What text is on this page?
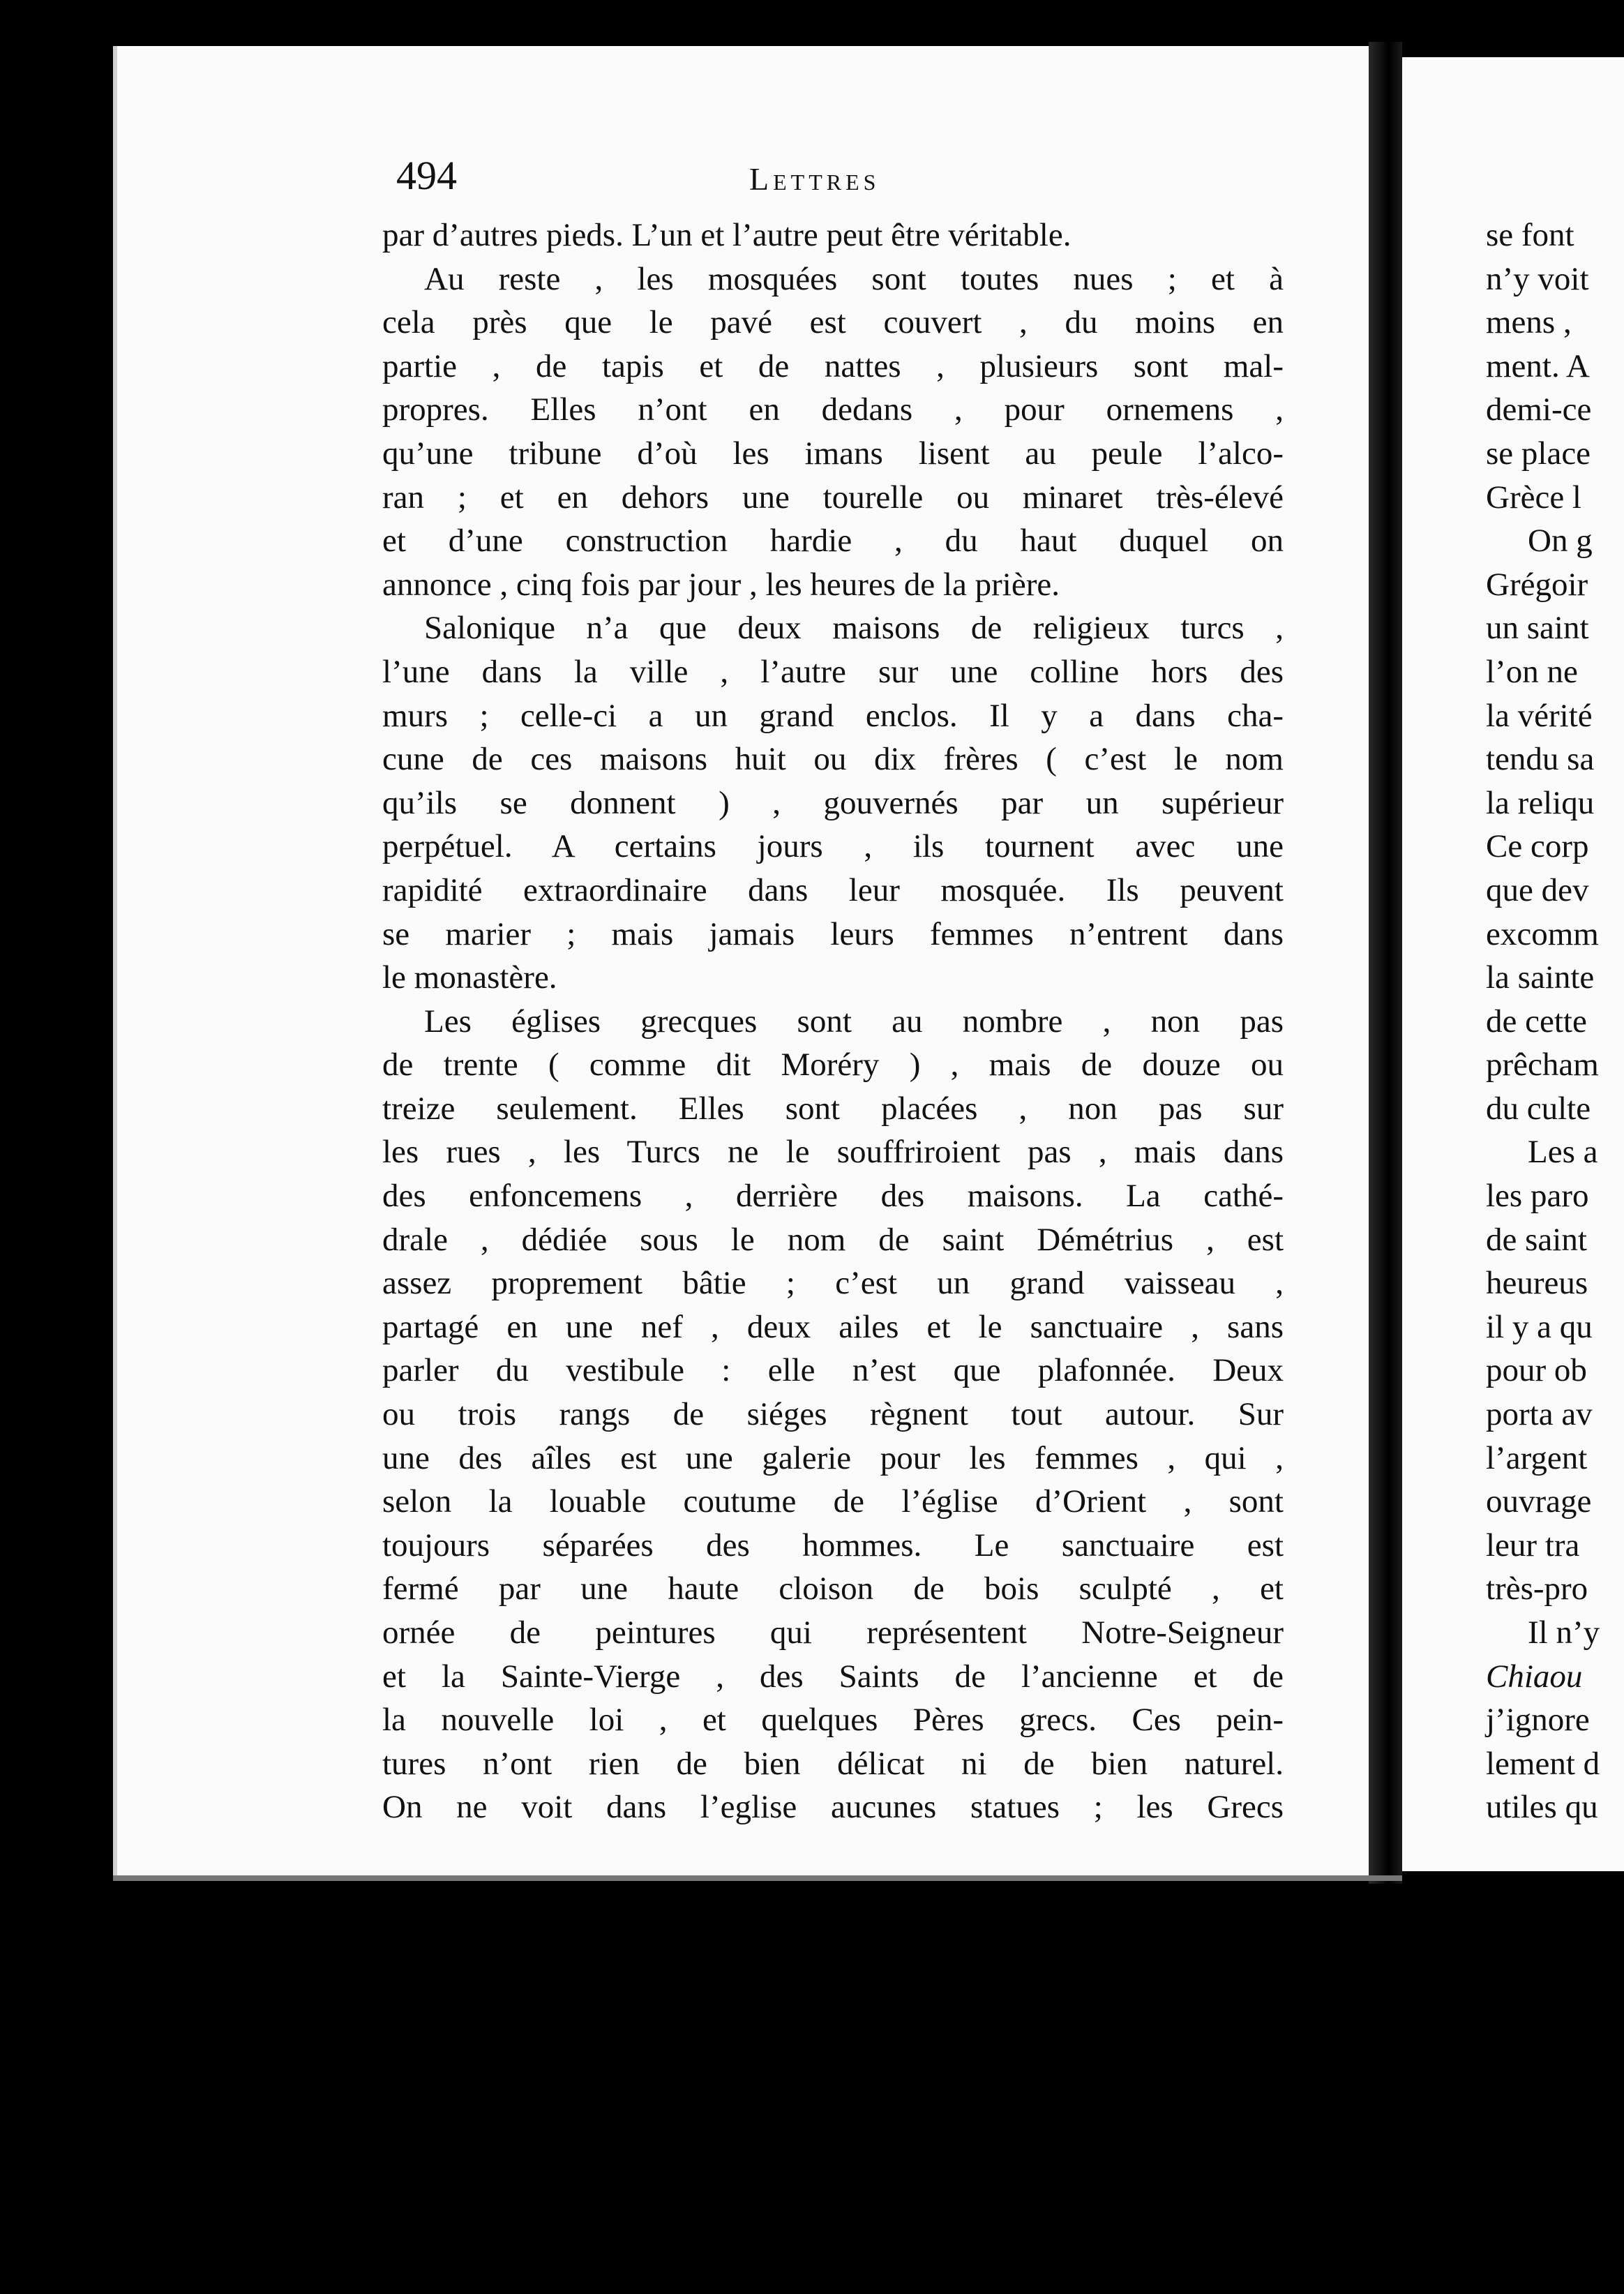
494	Lettres
par d’autres pieds. L’un et l’autre peut être véritable.
Au reste , les mosquées sont toutes nues ; et à
cela près que le pavé est couvert , du moins en
partie , de tapis et de nattes , plusieurs sont mal-
propres. Elles n’ont en dedans , pour ornemens ,
qu’une tribune d’où les imans lisent au peule l’alco-
ran ; et en dehors une tourelle ou minaret très-élevé
et d’une construction hardie , du haut duquel on
annonce , cinq fois par jour , les heures de la prière.
Salonique n’a que deux maisons de religieux turcs ,
l’une dans la ville , l’autre sur une colline hors des
murs ; celle-ci a un grand enclos. Il y a dans cha-
cune de ces maisons huit ou dix frères ( c’est le nom
qu’ils se donnent ) , gouvernés par un supérieur
perpétuel. A certains jours , ils tournent avec une
rapidité extraordinaire dans leur mosquée. Ils peuvent
se marier ; mais jamais leurs femmes n’entrent dans
le monastère.
Les églises grecques sont au nombre , non pas
de trente ( comme dit Moréry ) , mais de douze ou
treize seulement. Elles sont placées , non pas sur
les rues , les Turcs ne le souffriroient pas , mais dans
des enfoncemens , derrière des maisons. La cathé-
drale , dédiée sous le nom de saint Démétrius , est
assez proprement bâtie ; c’est un grand vaisseau ,
partagé en une nef , deux ailes et le sanctuaire , sans
parler du vestibule : elle n’est que plafonnée. Deux
ou trois rangs de siéges règnent tout autour. Sur
une des aîles est une galerie pour les femmes , qui ,
selon la louable coutume de l’église d’Orient , sont
toujours séparées des hommes. Le sanctuaire est
fermé par une haute cloison de bois sculpté , et
ornée de peintures qui représentent Notre-Seigneur
et la Sainte-Vierge , des Saints de l’ancienne et de
la nouvelle loi , et quelques Pères grecs. Ces pein-
tures n’ont rien de bien délicat ni de bien naturel.
On ne voit dans l’eglise aucunes statues ; les Grecs
se font
n’y voit
mens ,
ment. A
demi-ce
se place
Grèce l
On g
Grégoir
un saint
l’on ne
la vérité
tendu sa
la reliqu
Ce corp
que dev
excomm
la sainte
de cette
prêcham
du culte
Les a
les paro
de saint
heureus
il y a qu
pour ob
porta av
l’argent
ouvrage
leur tra
très-pro
Il n’y
Chiaou
j’ignore
lement d
utiles qu
